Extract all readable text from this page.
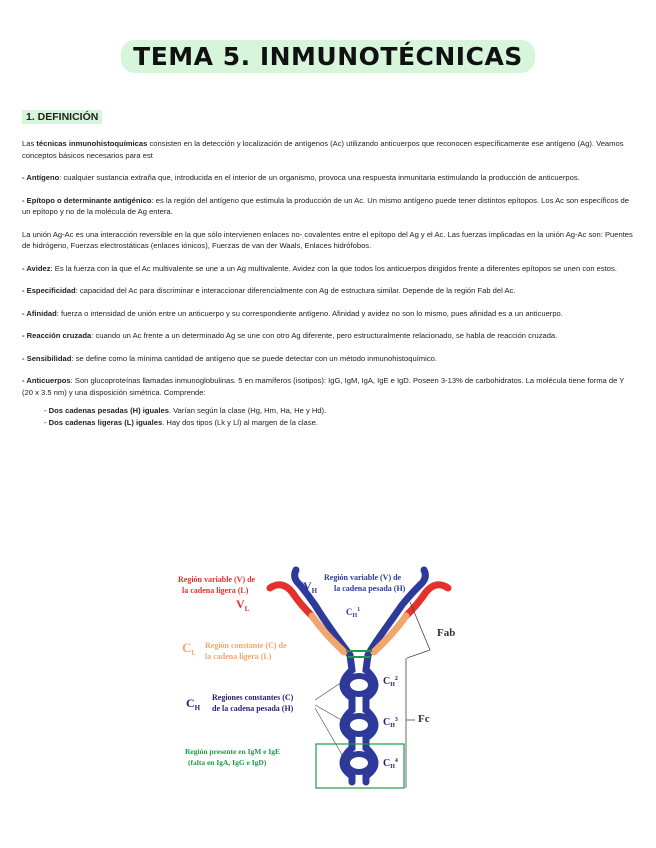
TEMA 5. INMUNOTÉCNICAS
1. DEFINICIÓN

Las técnicas inmunohistoquímicas consisten en la detección y localización de antígenos (Ac) utilizando anticuerpos que reconocen específicamente ese antígeno (Ag). Veamos conceptos básicos necesarios para est

- Antígeno: cualquier sustancia extraña que, introducida en el interior de un organismo, provoca una respuesta inmunitaria estimulando la producción de anticuerpos.

- Epítopo o determinante antigénico: es la región del antígeno que estimula la producción de un Ac. Un mismo antígeno puede tener distintos epítopos. Los Ac son específicos de un epítopo y no de la molécula de Ag entera.

La unión Ag-Ac es una interacción reversible en la que sólo intervienen enlaces no- covalentes entre el epítopo del Ag y el Ac. Las fuerzas implicadas en la unión Ag-Ac son: Puentes de hidrógeno, Fuerzas electrostáticas (enlaces iónicos), Fuerzas de van der Waals, Enlaces hidrófobos.

- Avidez: Es la fuerza con la que el Ac multivalente se une a un Ag multivalente. Avidez con la que todos los anticuerpos dirigidos frente a diferentes epítopos se unen con estos.

- Especificidad: capacidad del Ac para discriminar e interaccionar diferencialmente con Ag de estructura similar. Depende de la región Fab del Ac.

- Afinidad: fuerza o intensidad de unión entre un anticuerpo y su correspondiente antígeno. Afinidad y avidez no son lo mismo, pues afinidad es a un anticuerpo.

- Reacción cruzada: cuando un Ac frente a un determinado Ag se une con otro Ag diferente, pero estructuralmente relacionado, se habla de reacción cruzada.

- Sensibilidad: se define como la mínima cantidad de antígeno que se puede detectar con un método inmunohistoquímico.

- Anticuerpos: Son glucoproteínas llamadas inmunoglobulinas. 5 en mamíferos (isotipos): IgG, IgM, IgA, IgE e IgD. Poseen 3-13% de carbohidratos. La molécula tiene forma de Y (20 x 3.5 nm) y una disposición simétrica. Comprende:

- Dos cadenas pesadas (H) iguales. Varían según la clase (Hg, Hm, Ha, He y Hd).
- Dos cadenas ligeras (L) iguales. Hay dos tipos (Lk y Ll) al margen de la clase.
Región variable (V) de
la cadena ligera (L)
$V_L$
$V_H$
Región variable (V) de
la cadena pesada (H)
$C_H^1$
$C_L$
Región constante (C) de
la cadena ligera (L)
Fab
$C_H$
Regiones constantes (C)
de la cadena pesada (H)
$C_H^2$
$C_H^3$
$C_H^4$
Fc
Región presente en IgM e IgE
(falta en IgA, IgG e IgD)
